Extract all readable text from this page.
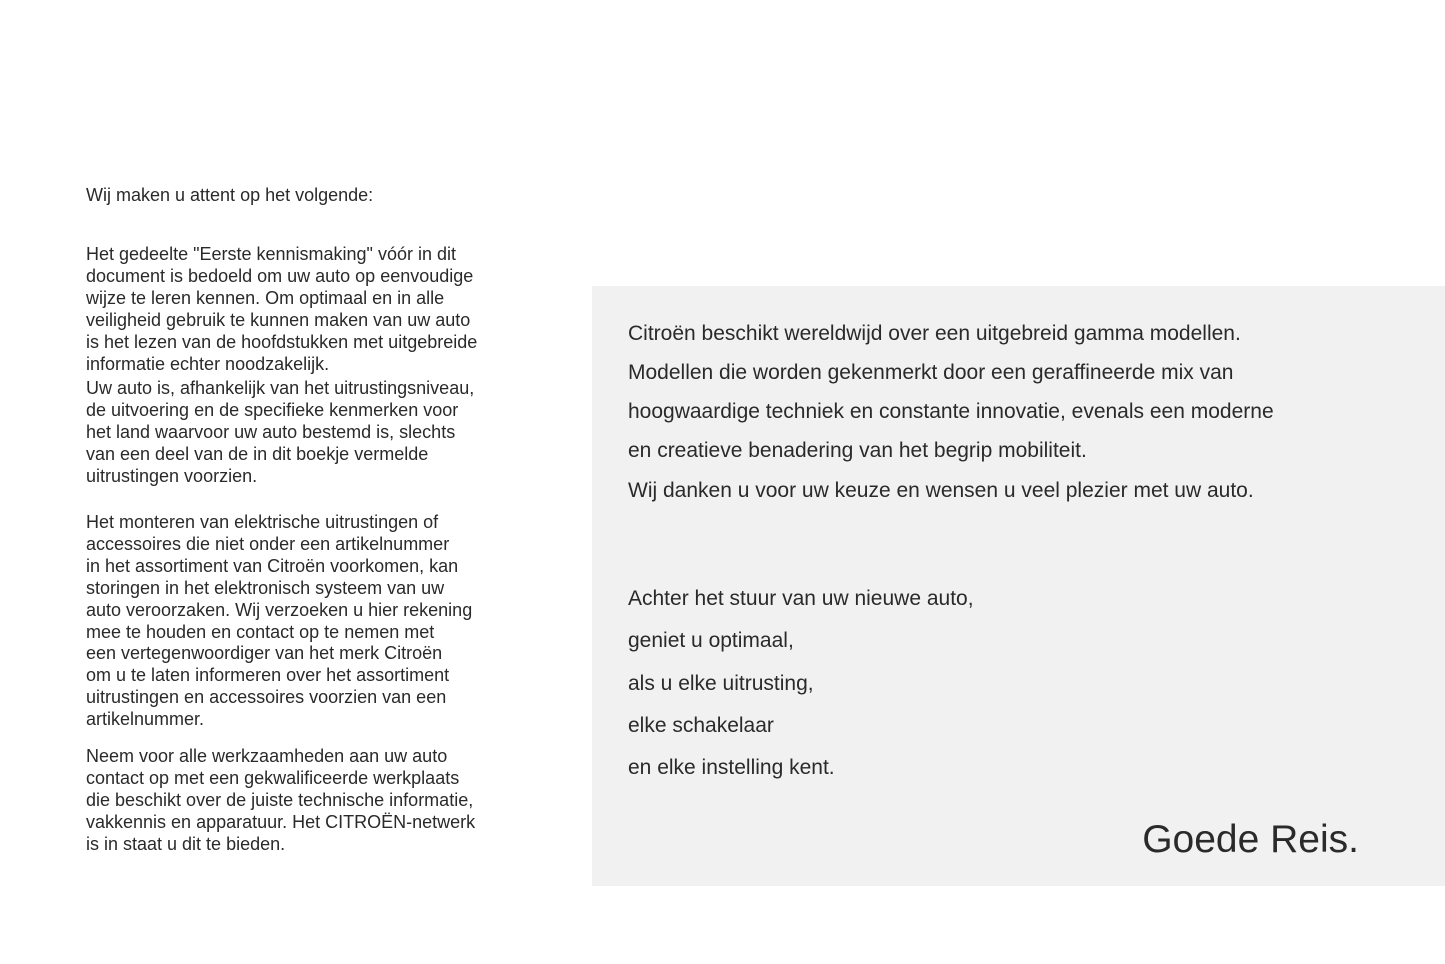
Wij maken u attent op het volgende:

Het gedeelte "Eerste kennismaking" vóór in dit
document is bedoeld om uw auto op eenvoudige
wijze te leren kennen. Om optimaal en in alle
veiligheid gebruik te kunnen maken van uw auto
is het lezen van de hoofdstukken met uitgebreide
informatie echter noodzakelijk.

Uw auto is, afhankelijk van het uitrustingsniveau,
de uitvoering en de specifieke kenmerken voor
het land waarvoor uw auto bestemd is, slechts
van een deel van de in dit boekje vermelde
uitrustingen voorzien.

Het monteren van elektrische uitrustingen of
accessoires die niet onder een artikelnummer
in het assortiment van Citroën voorkomen, kan
storingen in het elektronisch systeem van uw
auto veroorzaken. Wij verzoeken u hier rekening
mee te houden en contact op te nemen met
een vertegenwoordiger van het merk Citroën
om u te laten informeren over het assortiment
uitrustingen en accessoires voorzien van een
artikelnummer.

Neem voor alle werkzaamheden aan uw auto
contact op met een gekwalificeerde werkplaats
die beschikt over de juiste technische informatie,
vakkennis en apparatuur. Het CITROËN-netwerk
is in staat u dit te bieden.

Citroën beschikt wereldwijd over een uitgebreid gamma modellen.
Modellen die worden gekenmerkt door een geraffineerde mix van
hoogwaardige techniek en constante innovatie, evenals een moderne
en creatieve benadering van het begrip mobiliteit.

Wij danken u voor uw keuze en wensen u veel plezier met uw auto.

Achter het stuur van uw nieuwe auto,
geniet u optimaal,
als u elke uitrusting,
elke schakelaar
en elke instelling kent.
Goede Reis.
